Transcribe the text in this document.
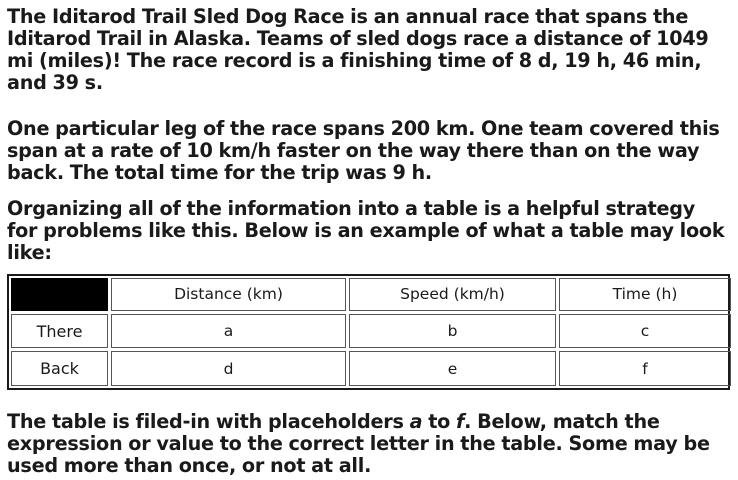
The Iditarod Trail Sled Dog Race is an annual race that spans the Iditarod Trail in Alaska. Teams of sled dogs race a distance of 1049 mi (miles)! The race record is a finishing time of 8 d, 19 h, 46 min, and 39 s.

One particular leg of the race spans 200 km. One team covered this span at a rate of 10 km/h faster on the way there than on the way back. The total time for the trip was 9 h.

Organizing all of the information into a table is a helpful strategy for problems like this. Below is an example of what a table may look like:

	Distance (km)	Speed (km/h)	Time (h)
There	a	b	c
Back	d	e	f

The table is filed-in with placeholders a to f. Below, match the expression or value to the correct letter in the table. Some may be used more than once, or not at all.
